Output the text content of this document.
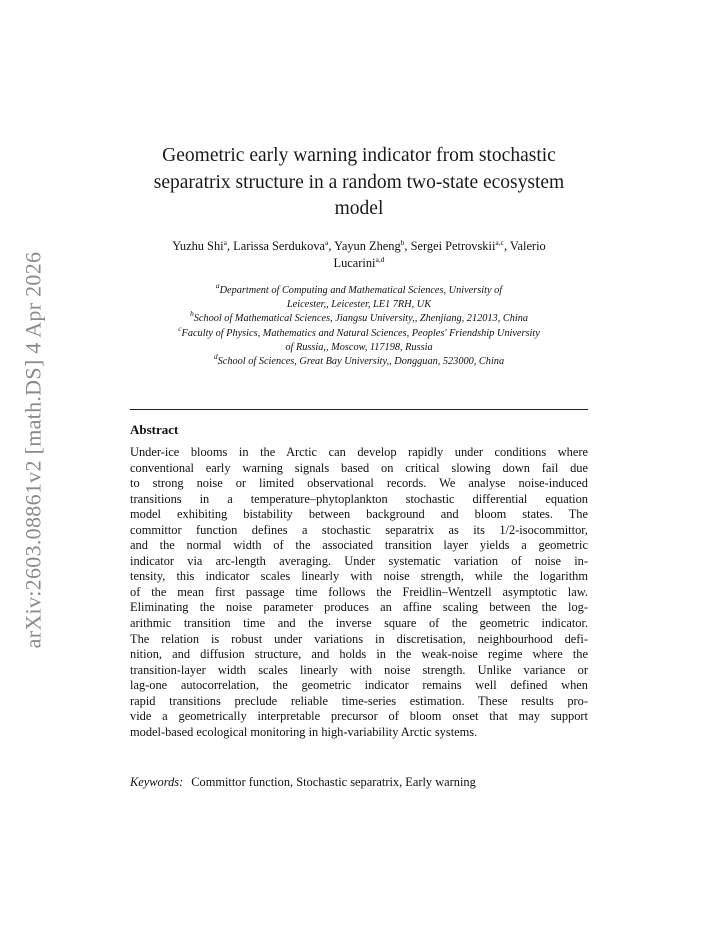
arXiv:2603.08861v2 [math.DS] 4 Apr 2026
Geometric early warning indicator from stochastic
separatrix structure in a random two-state ecosystem
model
Yuzhu Shi$^a$, Larissa Serdukova$^a$, Yayun Zheng$^b$, Sergei Petrovskii$^{a,c}$, Valerio
Lucarini$^{a,d}$
$^a$Department of Computing and Mathematical Sciences, University of
Leicester,, Leicester, LE1 7RH, UK
$^b$School of Mathematical Sciences, Jiangsu University,, Zhenjiang, 212013, China
$^c$Faculty of Physics, Mathematics and Natural Sciences, Peoples' Friendship University
of Russia,, Moscow, 117198, Russia
$^d$School of Sciences, Great Bay University,, Dongguan, 523000, China
Abstract
Under-ice blooms in the Arctic can develop rapidly under conditions where
conventional early warning signals based on critical slowing down fail due
to strong noise or limited observational records. We analyse noise-induced
transitions in a temperature–phytoplankton stochastic differential equation
model exhibiting bistability between background and bloom states. The
committor function defines a stochastic separatrix as its 1/2-isocommittor,
and the normal width of the associated transition layer yields a geometric
indicator via arc-length averaging. Under systematic variation of noise in-
tensity, this indicator scales linearly with noise strength, while the logarithm
of the mean first passage time follows the Freidlin–Wentzell asymptotic law.
Eliminating the noise parameter produces an affine scaling between the log-
arithmic transition time and the inverse square of the geometric indicator.
The relation is robust under variations in discretisation, neighbourhood defi-
nition, and diffusion structure, and holds in the weak-noise regime where the
transition-layer width scales linearly with noise strength. Unlike variance or
lag-one autocorrelation, the geometric indicator remains well defined when
rapid transitions preclude reliable time-series estimation. These results pro-
vide a geometrically interpretable precursor of bloom onset that may support
model-based ecological monitoring in high-variability Arctic systems.
Keywords: Committor function, Stochastic separatrix, Early warning
